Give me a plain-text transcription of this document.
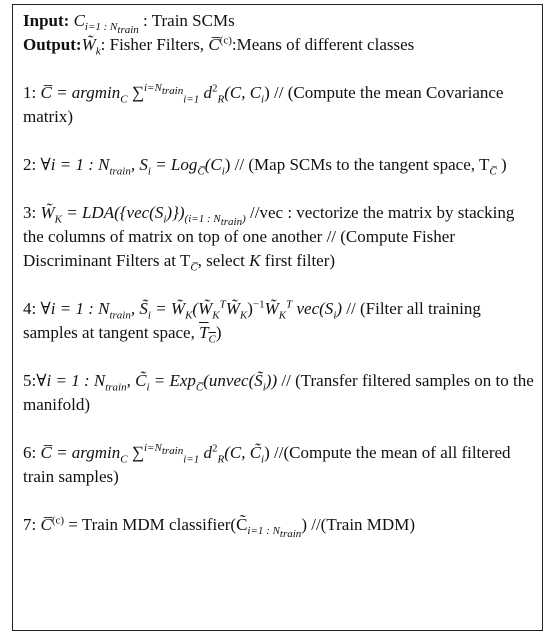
Input: $C_{i=1 : N_{train}}$ : Train SCMs
$Output:W̃_k$: Fisher Filters, C̅$^{(c)}$:Means of different classes
1: C̅ = argmin$_C$ ∑$^{i=N_{train}}_{i=1}$ $d^2_R(C$, $C_i$) // (Compute the mean Covariance matrix)
2: ∀i = 1 : $N_{train}$, $S_i = Log_{C̅}(C_i) // (Map$ SCMs to the tangent space, $T_{C̅}$ )
3: $W̃_K = LDA(\{vec(S_i)\})_{(i=1 : N_{train})}$ //vec : vectorize the matrix by stacking the columns of matrix on top of one another // (Compute Fisher Discriminant Filters at $T_{C̅}$, select K first filter)
4: ∀i = 1 : $N_{train}$, $S̃_i$ = $W̃_K(W̃_K^TW̃_K)^{-1}W̃_K^T$ $vec(S_i)$ // (Filter all training samples at tangent space, $\overline{T}_{\overline{C}}$)
5:∀i = 1 : $N_{train}$, $C̃_i$ = $Exp_{C̅}(unvec(S̃_i))$ // (Transfer filtered samples on to the manifold)
6: C̅ = argmin$_C$ ∑$^{i=N_{train}}_{i=1}$ $d^2_R(C$, $C̃_i$) //(Compute the mean of all filtered train samples)
7: C̅$^{(c)}$ = Train MDM $classifier(C̃_{i=1 : N_{train}})$ //(Train MDM)
